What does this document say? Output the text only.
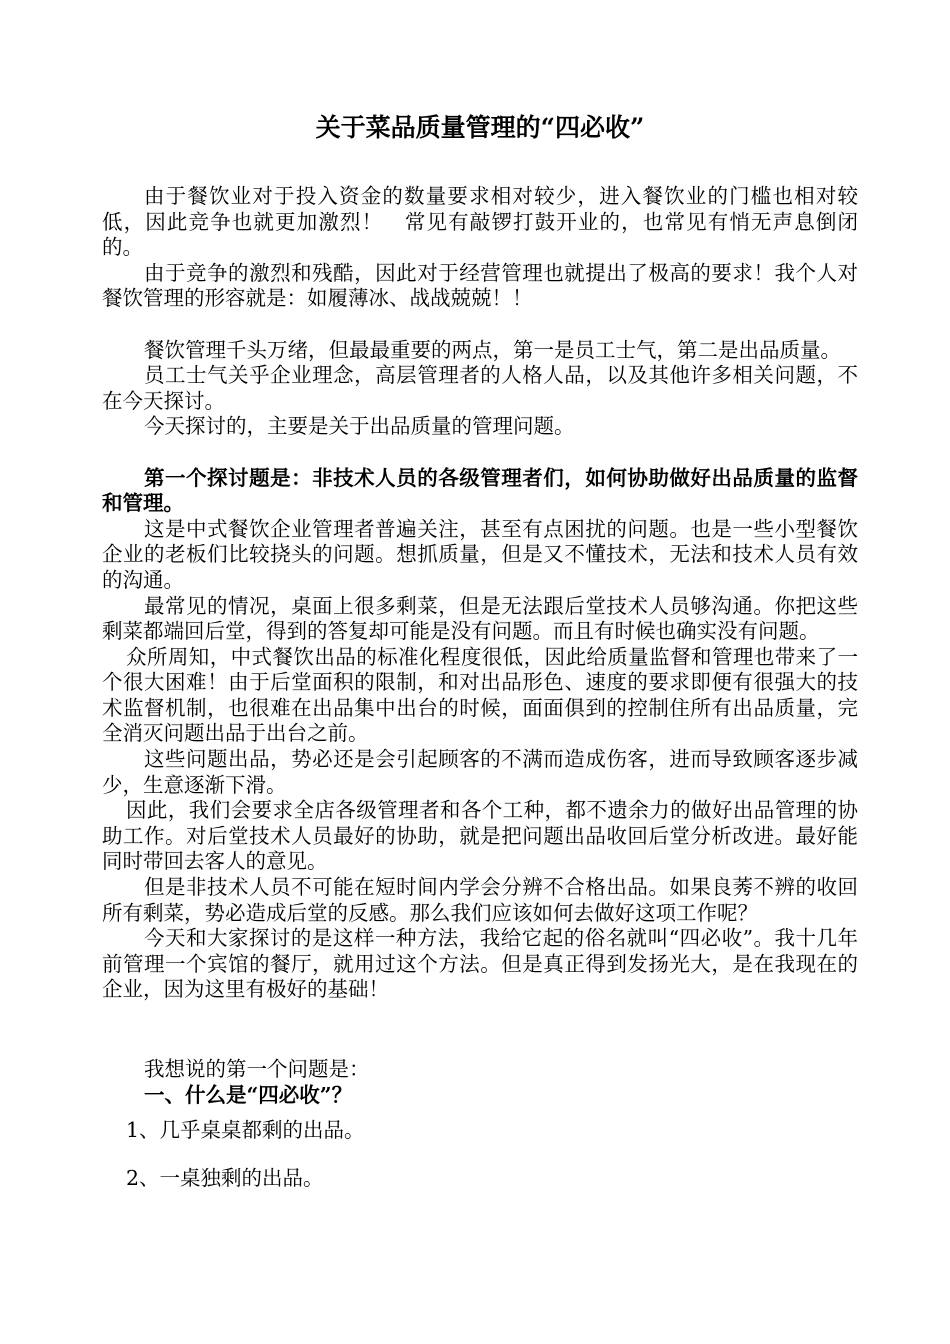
关于菜品质量管理的“四必收”

由于餐饮业对于投入资金的数量要求相对较少，进入餐饮业的门槛也相对较低，因此竞争也就更加激烈！　常见有敲锣打鼓开业的，也常见有悄无声息倒闭的。

由于竞争的激烈和残酷，因此对于经营管理也就提出了极高的要求！我个人对餐饮管理的形容就是：如履薄冰、战战兢兢！！

餐饮管理千头万绪，但最最重要的两点，第一是员工士气，第二是出品质量。

员工士气关乎企业理念，高层管理者的人格人品，以及其他许多相关问题，不在今天探讨。

今天探讨的，主要是关于出品质量的管理问题。

第一个探讨题是：非技术人员的各级管理者们，如何协助做好出品质量的监督和管理。

这是中式餐饮企业管理者普遍关注，甚至有点困扰的问题。也是一些小型餐饮企业的老板们比较挠头的问题。想抓质量，但是又不懂技术，无法和技术人员有效的沟通。

最常见的情况，桌面上很多剩菜，但是无法跟后堂技术人员够沟通。你把这些剩菜都端回后堂，得到的答复却可能是没有问题。而且有时候也确实没有问题。

众所周知，中式餐饮出品的标准化程度很低，因此给质量监督和管理也带来了一个很大困难！由于后堂面积的限制，和对出品形色、速度的要求即便有很强大的技术监督机制，也很难在出品集中出台的时候，面面俱到的控制住所有出品质量，完全消灭问题出品于出台之前。

这些问题出品，势必还是会引起顾客的不满而造成伤客，进而导致顾客逐步减少，生意逐渐下滑。

因此，我们会要求全店各级管理者和各个工种，都不遗余力的做好出品管理的协助工作。对后堂技术人员最好的协助，就是把问题出品收回后堂分析改进。最好能同时带回去客人的意见。

但是非技术人员不可能在短时间内学会分辨不合格出品。如果良莠不辨的收回所有剩菜，势必造成后堂的反感。那么我们应该如何去做好这项工作呢？

今天和大家探讨的是这样一种方法，我给它起的俗名就叫“四必收”。我十几年前管理一个宾馆的餐厅，就用过这个方法。但是真正得到发扬光大，是在我现在的企业，因为这里有极好的基础！

我想说的第一个问题是：

一、什么是“四必收”？

1、几乎桌桌都剩的出品。

2、一桌独剩的出品。
